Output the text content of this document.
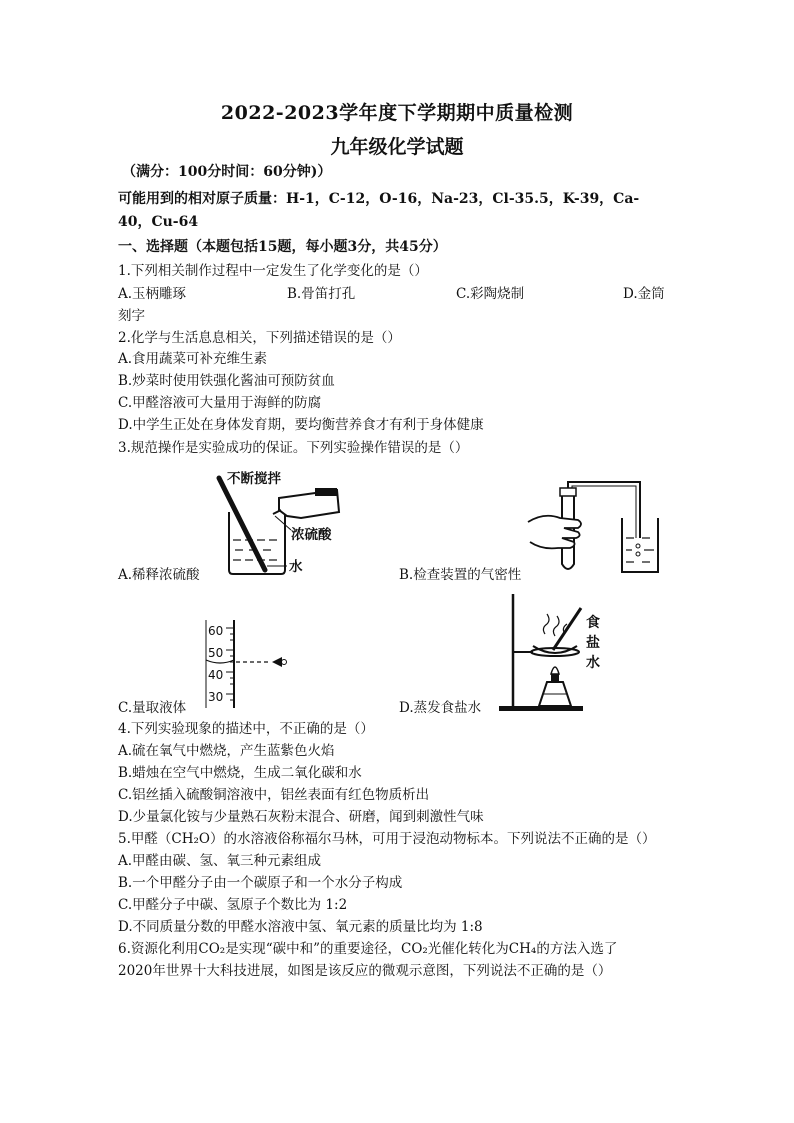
2022-2023学年度下学期期中质量检测
九年级化学试题
（满分：100分时间：60分钟)）
可能用到的相对原子质量：H-1，C-12，O-16，Na-23，Cl-35.5，K-39，Ca-
40，Cu-64
一、选择题（本题包括15题，每小题3分，共45分）
1.下列相关制作过程中一定发生了化学变化的是（）
A.玉柄雕琢	B.骨笛打孔	C.彩陶烧制	D.金筒
刻字
2.化学与生活息息相关，下列描述错误的是（）
A.食用蔬菜可补充维生素
B.炒菜时使用铁强化酱油可预防贫血
C.甲醛溶液可大量用于海鲜的防腐
D.中学生正处在身体发育期，要均衡营养食才有利于身体健康
3.规范操作是实验成功的保证。下列实验操作错误的是（）
不断搅拌
浓硫酸
水
A.稀释浓硫酸	B.检查装置的气密性
60
50
40
30
C.量取液体
食
盐
水
D.蒸发食盐水
4.下列实验现象的描述中，不正确的是（）
A.硫在氧气中燃烧，产生蓝紫色火焰
B.蜡烛在空气中燃烧，生成二氧化碳和水
C.铝丝插入硫酸铜溶液中，铝丝表面有红色物质析出
D.少量氯化铵与少量熟石灰粉末混合、研磨，闻到刺激性气味
5.甲醛（CH₂O）的水溶液俗称福尔马林，可用于浸泡动物标本。下列说法不正确的是（）
A.甲醛由碳、氢、氧三种元素组成
B.一个甲醛分子由一个碳原子和一个水分子构成
C.甲醛分子中碳、氢原子个数比为 1:2
D.不同质量分数的甲醛水溶液中氢、氧元素的质量比均为 1:8
6.资源化利用CO₂是实现“碳中和”的重要途径，CO₂光催化转化为CH₄的方法入选了
2020年世界十大科技进展，如图是该反应的微观示意图，下列说法不正确的是（）
